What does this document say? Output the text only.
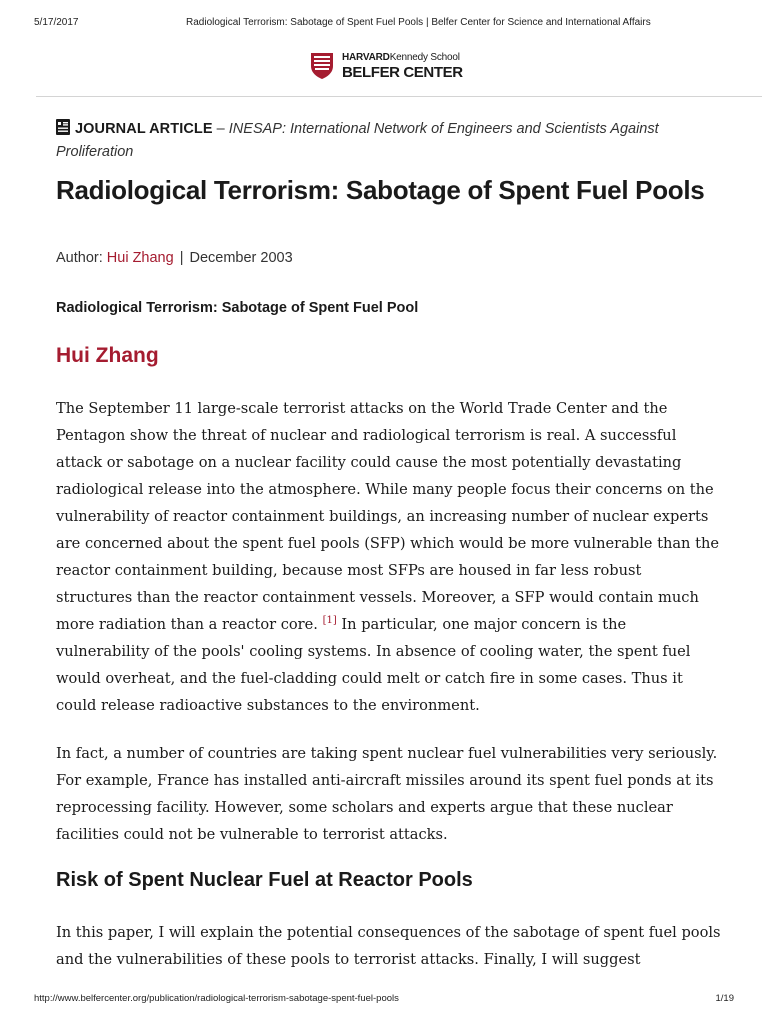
5/17/2017	Radiological Terrorism: Sabotage of Spent Fuel Pools | Belfer Center for Science and International Affairs
HARVARDKennedy School
BELFER CENTER
JOURNAL ARTICLE – INESAP: International Network of Engineers and Scientists Against Proliferation
Radiological Terrorism: Sabotage of Spent Fuel Pools
Author: Hui Zhang | December 2003
Radiological Terrorism: Sabotage of Spent Fuel Pool
Hui Zhang

The September 11 large-scale terrorist attacks on the World Trade Center and the Pentagon show the threat of nuclear and radiological terrorism is real. A successful attack or sabotage on a nuclear facility could cause the most potentially devastating radiological release into the atmosphere. While many people focus their concerns on the vulnerability of reactor containment buildings, an increasing number of nuclear experts are concerned about the spent fuel pools (SFP) which would be more vulnerable than the reactor containment building, because most SFPs are housed in far less robust structures than the reactor containment vessels. Moreover, a SFP would contain much more radiation than a reactor core. [1] In particular, one major concern is the vulnerability of the pools' cooling systems. In absence of cooling water, the spent fuel would overheat, and the fuel-cladding could melt or catch fire in some cases. Thus it could release radioactive substances to the environment.

In fact, a number of countries are taking spent nuclear fuel vulnerabilities very seriously. For example, France has installed anti-aircraft missiles around its spent fuel ponds at its reprocessing facility. However, some scholars and experts argue that these nuclear facilities could not be vulnerable to terrorist attacks.

Risk of Spent Nuclear Fuel at Reactor Pools

In this paper, I will explain the potential consequences of the sabotage of spent fuel pools and the vulnerabilities of these pools to terrorist attacks. Finally, I will suggest

http://www.belfercenter.org/publication/radiological-terrorism-sabotage-spent-fuel-pools	1/19
